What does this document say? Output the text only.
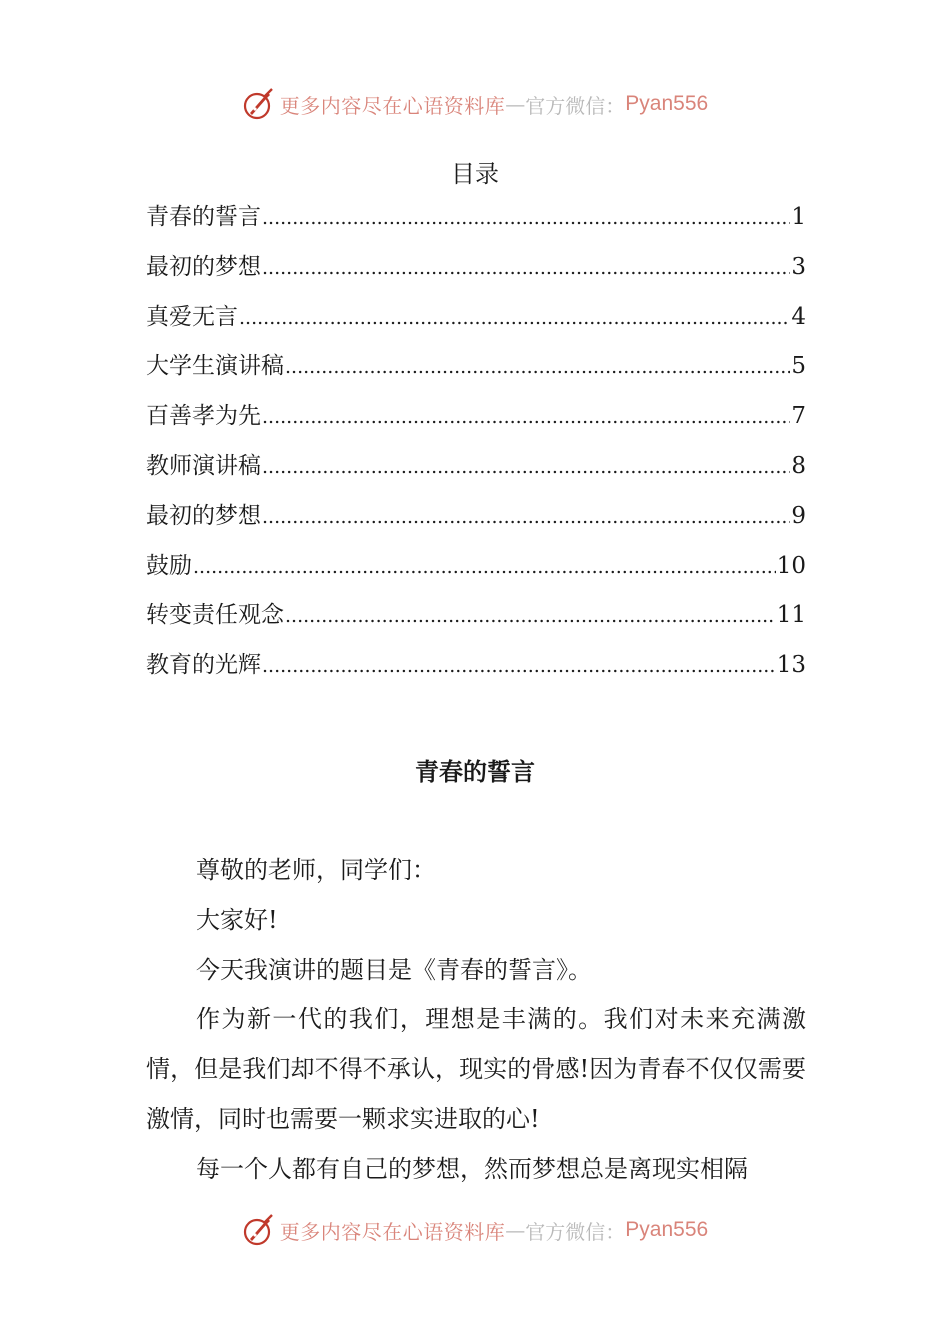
更多内容尽在心语资料库 — 官方微信： Pyan556
目录
青春的誓言 .....	1
最初的梦想 .....	3
真爱无言 .....	4
大学生演讲稿 .....	5
百善孝为先 .....	7
教师演讲稿 .....	8
最初的梦想 .....	9
鼓励 .....	10
转变责任观念 .....	11
教育的光辉 .....	13
青春的誓言

尊敬的老师，同学们：

大家好!

今天我演讲的题目是《青春的誓言》。

作为新一代的我们，理想是丰满的。我们对未来充满激情，但是我们却不得不承认，现实的骨感!因为青春不仅仅需要激情，同时也需要一颗求实进取的心!

每一个人都有自己的梦想，然而梦想总是离现实相隔

更多内容尽在心语资料库 — 官方微信： Pyan556
